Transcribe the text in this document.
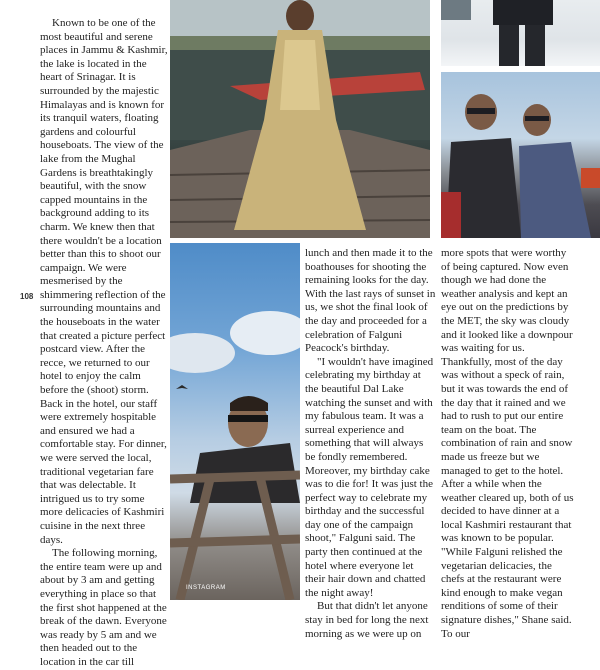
108

Known to be one of the most beautiful and serene places in Jammu & Kashmir, the lake is located in the heart of Srinagar. It is surrounded by the majestic Himalayas and is known for its tranquil waters, floating gardens and colourful houseboats. The view of the lake from the Mughal Gardens is breathtakingly beautiful, with the snow capped mountains in the background adding to its charm. We knew then that there wouldn't be a location better than this to shoot our campaign. We were mesmerised by the shimmering reflection of the surrounding mountains and the houseboats in the water that created a picture perfect postcard view. After the recce, we returned to our hotel to enjoy the calm before the (shoot) storm. Back in the hotel, our staff were extremely hospitable and ensured we had a comfortable stay. For dinner, we were served the local, traditional vegetarian fare that was delectable. It intrigued us to try some more delicacies of Kashmiri cuisine in the next three days.

The following morning, the entire team were up and about by 3 am and getting everything in place so that the first shot happened at the break of the dawn. Everyone was ready by 5 am and we then headed out to the location in the car till

INSTAGRAM

lunch and then made it to the boathouses for shooting the remaining looks for the day. With the last rays of sunset in us, we shot the final look of the day and proceeded for a celebration of Falguni Peacock's birthday.

"I wouldn't have imagined celebrating my birthday at the beautiful Dal Lake watching the sunset and with my fabulous team. It was a surreal experience and something that will always be fondly remembered. Moreover, my birthday cake was to die for! It was just the perfect way to celebrate my birthday and the successful day one of the campaign shoot," Falguni said. The party then continued at the hotel where everyone let their hair down and chatted the night away!

But that didn't let anyone stay in bed for long the next morning as we were up on

more spots that were worthy of being captured. Now even though we had done the weather analysis and kept an eye out on the predictions by the MET, the sky was cloudy and it looked like a downpour was waiting for us. Thankfully, most of the day was without a speck of rain, but it was towards the end of the day that it rained and we had to rush to put our entire team on the boat. The combination of rain and snow made us freeze but we managed to get to the hotel. After a while when the weather cleared up, both of us decided to have dinner at a local Kashmiri restaurant that was known to be popular. "While Falguni relished the vegetarian delicacies, the chefs at the restaurant were kind enough to make vegan renditions of some of their signature dishes," Shane said. To our
